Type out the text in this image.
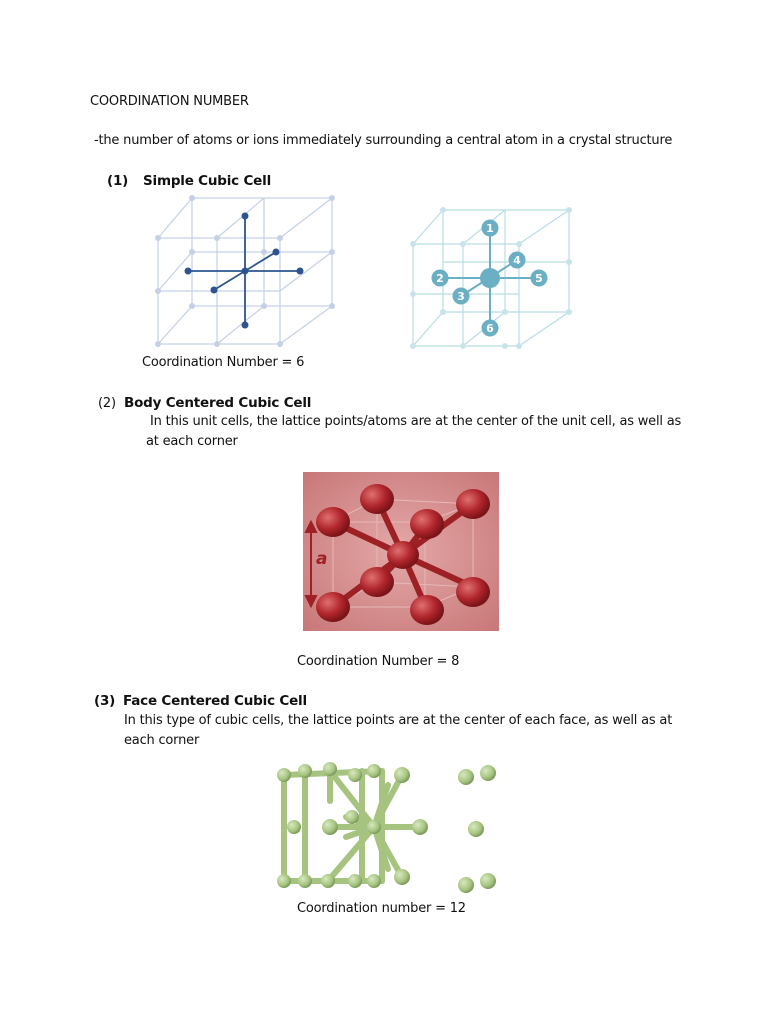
COORDINATION NUMBER
-the number of atoms or ions immediately surrounding a central atom in a crystal structure
(1) Simple Cubic Cell
1
2
3
4
5
6
Coordination Number = 6
(2) Body Centered Cubic Cell
In this unit cells, the lattice points/atoms are at the center of the unit cell, as well as
at each corner
a
Coordination Number = 8
(3) Face Centered Cubic Cell
In this type of cubic cells, the lattice points are at the center of each face, as well as at
each corner
Coordination number = 12
